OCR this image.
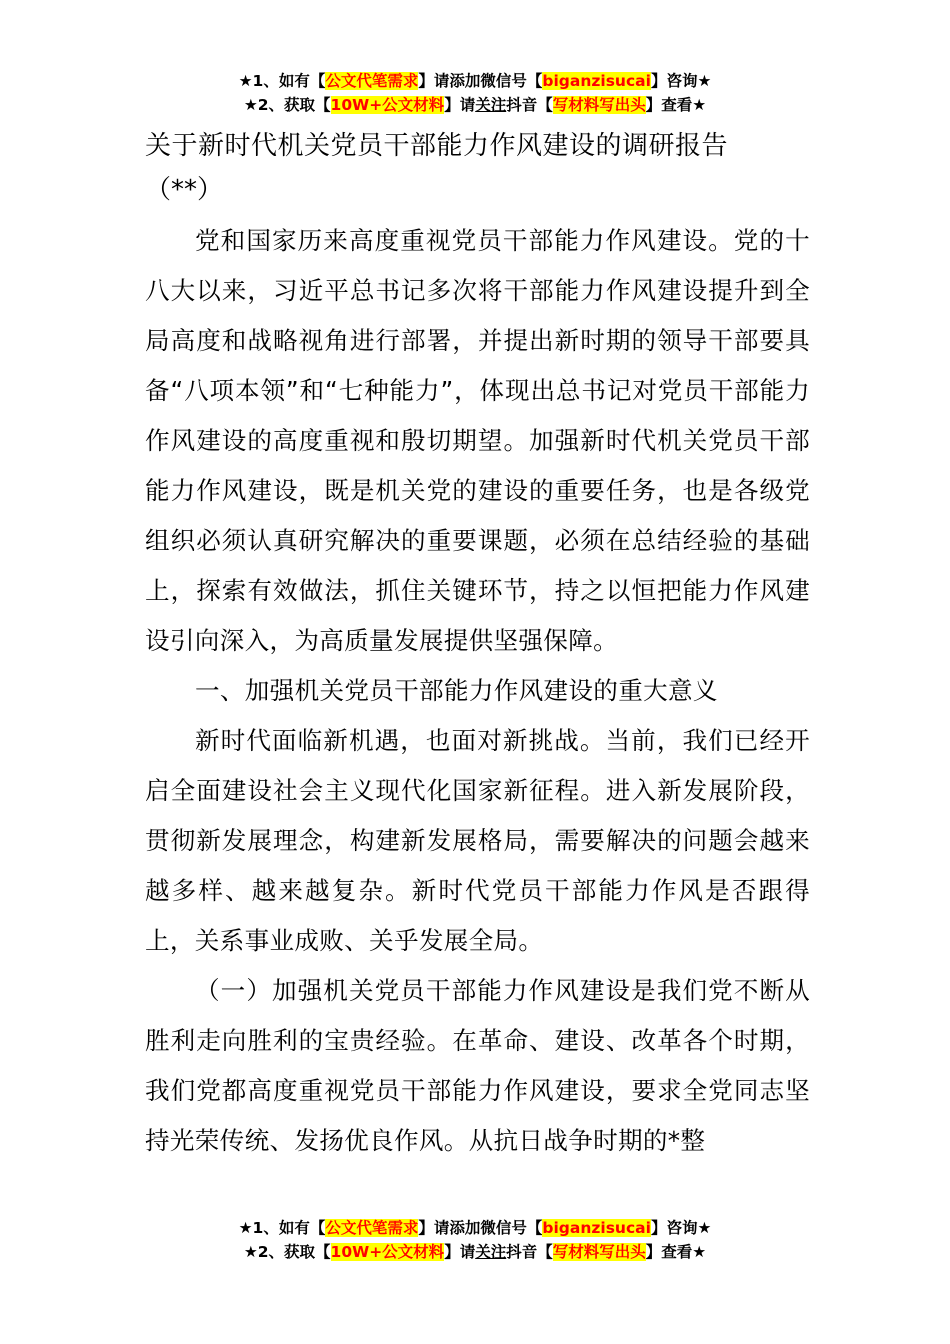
★1、如有【公文代笔需求】请添加微信号【biganzisucai】咨询★
★2、获取【10W+公文材料】请关注抖音【写材料写出头】查看★
关于新时代机关党员干部能力作风建设的调研报告
（**）

党和国家历来高度重视党员干部能力作风建设。党的十八大以来，习近平总书记多次将干部能力作风建设提升到全局高度和战略视角进行部署，并提出新时期的领导干部要具备“八项本领”和“七种能力”，体现出总书记对党员干部能力作风建设的高度重视和殷切期望。加强新时代机关党员干部能力作风建设，既是机关党的建设的重要任务，也是各级党组织必须认真研究解决的重要课题，必须在总结经验的基础上，探索有效做法，抓住关键环节，持之以恒把能力作风建设引向深入，为高质量发展提供坚强保障。

一、加强机关党员干部能力作风建设的重大意义

新时代面临新机遇，也面对新挑战。当前，我们已经开启全面建设社会主义现代化国家新征程。进入新发展阶段，贯彻新发展理念，构建新发展格局，需要解决的问题会越来越多样、越来越复杂。新时代党员干部能力作风是否跟得上，关系事业成败、关乎发展全局。

（一）加强机关党员干部能力作风建设是我们党不断从胜利走向胜利的宝贵经验。在革命、建设、改革各个时期，我们党都高度重视党员干部能力作风建设，要求全党同志坚持光荣传统、发扬优良作风。从抗日战争时期的*整

★1、如有【公文代笔需求】请添加微信号【biganzisucai】咨询★
★2、获取【10W+公文材料】请关注抖音【写材料写出头】查看★
